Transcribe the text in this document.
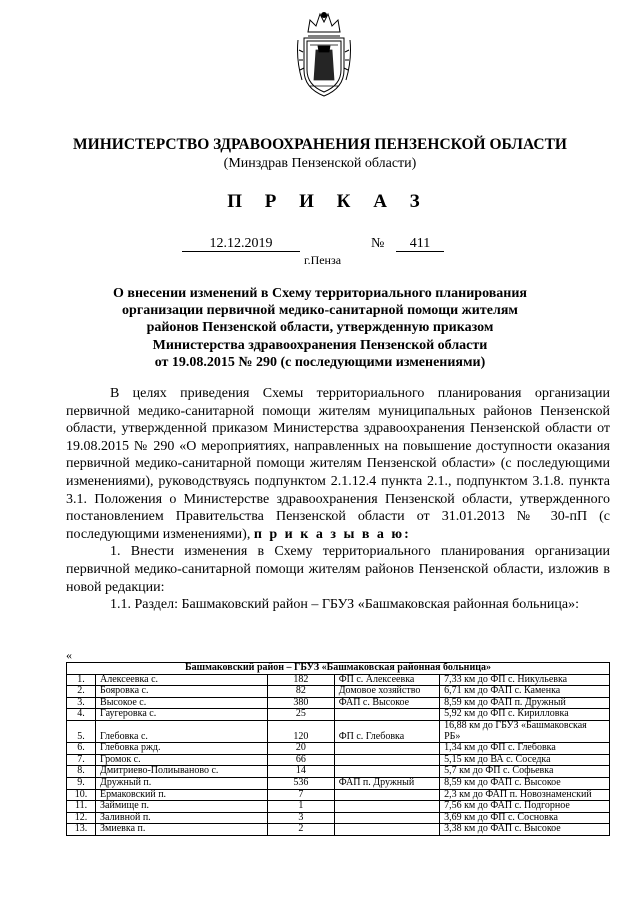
МИНИСТЕРСТВО ЗДРАВООХРАНЕНИЯ ПЕНЗЕНСКОЙ ОБЛАСТИ
(Минздрав Пензенской области)
П Р И К А З
12.12.2019	№	411
г.Пенза
О внесении изменений в Схему территориального планирования
организации первичной медико-санитарной помощи жителям
районов Пензенской области, утвержденную приказом
Министерства здравоохранения Пензенской области
от 19.08.2015 № 290 (с последующими изменениями)

В целях приведения Схемы территориального планирования организации первичной медико-санитарной помощи жителям муниципальных районов Пензенской области, утвержденной приказом Министерства здравоохранения Пензенской области от 19.08.2015 № 290 «О мероприятиях, направленных на повышение доступности оказания первичной медико-санитарной помощи жителям Пензенской области» (с последующими изменениями), руководствуясь подпунктом 2.1.12.4 пункта 2.1., подпунктом 3.1.8. пункта 3.1. Положения о Министерстве здравоохранения Пензенской области, утвержденного постановлением Правительства Пензенской области от 31.01.2013 № 30-пП (с последующими изменениями), п р и к а з ы в а ю:

1. Внести изменения в Схему территориального планирования организации первичной медико-санитарной помощи жителям районов Пензенской области, изложив в новой редакции:

1.1. Раздел: Башмаковский район – ГБУЗ «Башмаковская районная больница»:

«
Башмаковский район – ГБУЗ «Башмаковская районная больница»				
1.	Алексеевка с.	182	ФП с. Алексеевка	7,33 км до ФП с. Никульевка
2.	Бояровка с.	82	Домовое хозяйство	6,71 км до ФАП с. Каменка
3.	Высокое с.	380	ФАП с. Высокое	8,59 км до ФАП п. Дружный
4.	Гаугеровка с.	25		5,92 км до ФП с. Кирилловка
5.	Глебовка с.	120	ФП с. Глебовка	16,88 км до ГБУЗ «Башмаковская РБ»
6.	Глебовка ржд.	20		1,34 км до ФП с. Глебовка
7.	Громок с.	66		5,15 км до ВА с. Соседка
8.	Дмитриево-Полиываново с.	14		5,7 км до ФП с. Софьевка
9.	Дружный п.	536	ФАП п. Дружный	8,59 км до ФАП с. Высокое
10.	Ермаковский п.	7		2,3 км до ФАП п. Новознаменский
11.	Займище п.	1		7,56 км до ФАП с. Подгорное
12.	Заливной п.	3		3,69 км до ФП с. Сосновка
13.	Змиевка п.	2		3,38 км до ФАП с. Высокое
